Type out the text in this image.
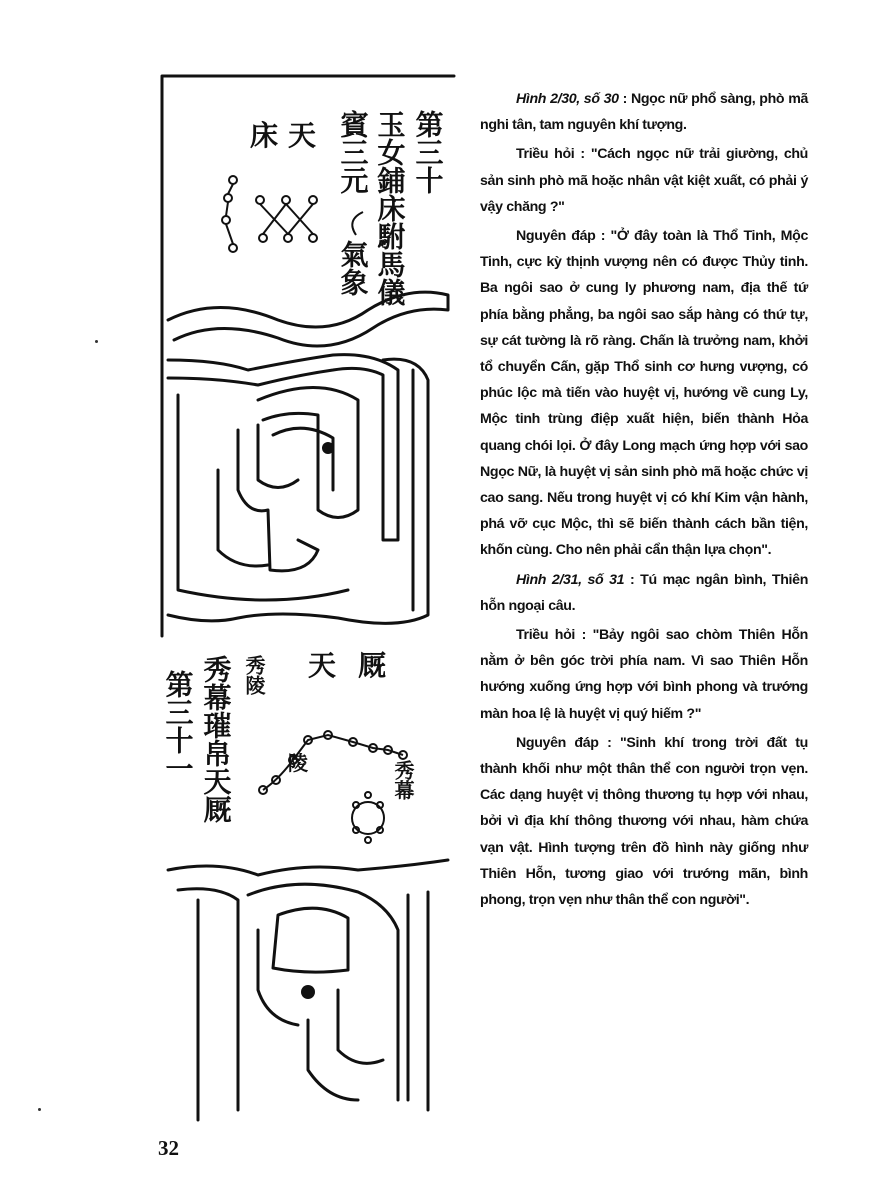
第三十
玉女鋪床駙馬儀
賓三元
氣象
天
床
第三十一 秀幕璀帛天厩	天 厩
秀陵
陵	秀幕

Hình 2/30, số 30 : Ngọc nữ phổ sàng, phò mã nghi tân, tam nguyên khí tượng.

Triều hỏi : "Cách ngọc nữ trải giường, chủ sản sinh phò mã hoặc nhân vật kiệt xuất, có phải ý vậy chăng ?"

Nguyên đáp : "Ở đây toàn là Thổ Tinh, Mộc Tinh, cực kỳ thịnh vượng nên có được Thủy tinh. Ba ngôi sao ở cung ly phương nam, địa thế tứ phía bằng phẳng, ba ngôi sao sắp hàng có thứ tự, sự cát tường là rõ ràng. Chấn là trưởng nam, khởi tổ chuyển Cấn, gặp Thổ sinh cơ hưng vượng, có phúc lộc mà tiến vào huyệt vị, hướng về cung Ly, Mộc tinh trùng điệp xuất hiện, biến thành Hỏa quang chói lọi. Ở đây Long mạch ứng hợp với sao Ngọc Nữ, là huyệt vị sản sinh phò mã hoặc chức vị cao sang. Nếu trong huyệt vị có khí Kim vận hành, phá vỡ cục Mộc, thì sẽ biến thành cách bần tiện, khốn cùng. Cho nên phải cẩn thận lựa chọn".

Hình 2/31, số 31 : Tú mạc ngân bình, Thiên hỗn ngoại câu.

Triều hỏi : "Bảy ngôi sao chòm Thiên Hỗn nằm ở bên góc trời phía nam. Vì sao Thiên Hỗn hướng xuống ứng hợp với bình phong và trướng màn hoa lệ là huyệt vị quý hiếm ?"

Nguyên đáp : "Sinh khí trong trời đất tụ thành khối như một thân thể con người trọn vẹn. Các dạng huyệt vị thông thương tụ hợp với nhau, bởi vì địa khí thông thương với nhau, hàm chứa vạn vật. Hình tượng trên đồ hình này giống như Thiên Hỗn, tương giao với trướng mãn, bình phong, trọn vẹn như thân thể con người".

32
